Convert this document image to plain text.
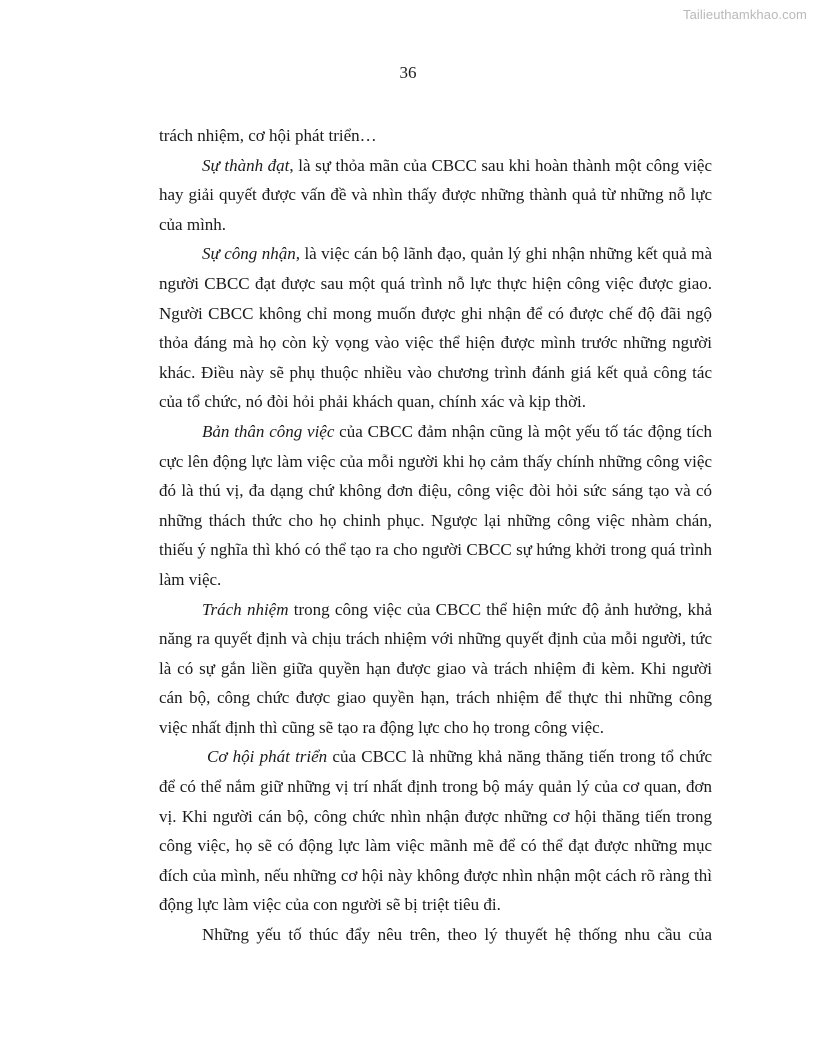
Tailieuthamkhao.com
36

trách nhiệm, cơ hội phát triển…

Sự thành đạt, là sự thỏa mãn của CBCC sau khi hoàn thành một công việc hay giải quyết được vấn đề và nhìn thấy được những thành quả từ những nỗ lực của mình.

Sự công nhận, là việc cán bộ lãnh đạo, quản lý ghi nhận những kết quả mà người CBCC đạt được sau một quá trình nỗ lực thực hiện công việc được giao. Người CBCC không chỉ mong muốn được ghi nhận để có được chế độ đãi ngộ thỏa đáng mà họ còn kỳ vọng vào việc thể hiện được mình trước những người khác. Điều này sẽ phụ thuộc nhiều vào chương trình đánh giá kết quả công tác của tổ chức, nó đòi hỏi phải khách quan, chính xác và kịp thời.

Bản thân công việc của CBCC đảm nhận cũng là một yếu tố tác động tích cực lên động lực làm việc của mỗi người khi họ cảm thấy chính những công việc đó là thú vị, đa dạng chứ không đơn điệu, công việc đòi hỏi sức sáng tạo và có những thách thức cho họ chinh phục. Ngược lại những công việc nhàm chán, thiếu ý nghĩa thì khó có thể tạo ra cho người CBCC sự hứng khởi trong quá trình làm việc.

Trách nhiệm trong công việc của CBCC thể hiện mức độ ảnh hưởng, khả năng ra quyết định và chịu trách nhiệm với những quyết định của mỗi người, tức là có sự gắn liền giữa quyền hạn được giao và trách nhiệm đi kèm. Khi người cán bộ, công chức được giao quyền hạn, trách nhiệm để thực thi những công việc nhất định thì cũng sẽ tạo ra động lực cho họ trong công việc.

Cơ hội phát triển của CBCC là những khả năng thăng tiến trong tổ chức để có thể nắm giữ những vị trí nhất định trong bộ máy quản lý của cơ quan, đơn vị. Khi người cán bộ, công chức nhìn nhận được những cơ hội thăng tiến trong công việc, họ sẽ có động lực làm việc mãnh mẽ để có thể đạt được những mục đích của mình, nếu những cơ hội này không được nhìn nhận một cách rõ ràng thì động lực làm việc của con người sẽ bị triệt tiêu đi.

Những yếu tố thúc đẩy nêu trên, theo lý thuyết hệ thống nhu cầu của
